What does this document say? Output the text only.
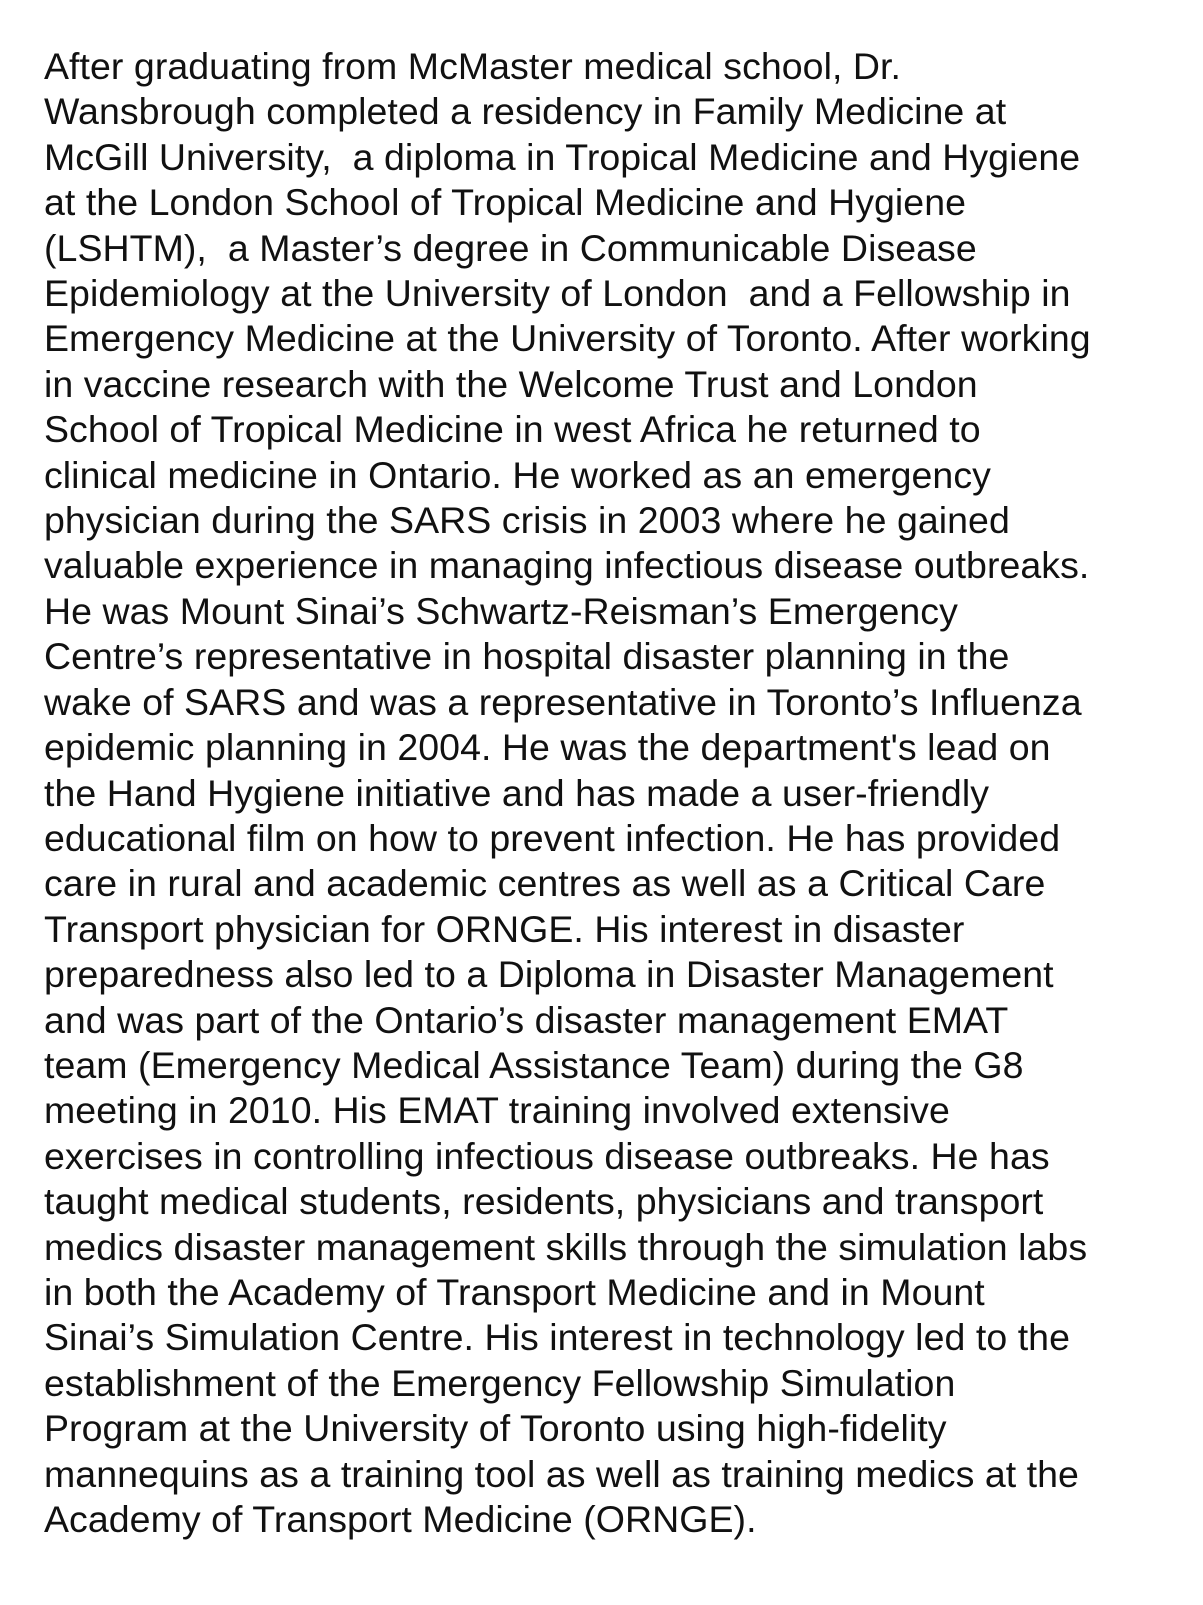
After graduating from McMaster medical school, Dr.
Wansbrough completed a residency in Family Medicine at
McGill University,  a diploma in Tropical Medicine and Hygiene
at the London School of Tropical Medicine and Hygiene
(LSHTM),  a Master’s degree in Communicable Disease
Epidemiology at the University of London  and a Fellowship in
Emergency Medicine at the University of Toronto. After working
in vaccine research with the Welcome Trust and London
School of Tropical Medicine in west Africa he returned to
clinical medicine in Ontario. He worked as an emergency
physician during the SARS crisis in 2003 where he gained
valuable experience in managing infectious disease outbreaks.
He was Mount Sinai’s Schwartz-Reisman’s Emergency
Centre’s representative in hospital disaster planning in the
wake of SARS and was a representative in Toronto’s Influenza
epidemic planning in 2004. He was the department's lead on
the Hand Hygiene initiative and has made a user-friendly
educational film on how to prevent infection. He has provided
care in rural and academic centres as well as a Critical Care
Transport physician for ORNGE. His interest in disaster
preparedness also led to a Diploma in Disaster Management
and was part of the Ontario’s disaster management EMAT
team (Emergency Medical Assistance Team) during the G8
meeting in 2010. His EMAT training involved extensive
exercises in controlling infectious disease outbreaks. He has
taught medical students, residents, physicians and transport
medics disaster management skills through the simulation labs
in both the Academy of Transport Medicine and in Mount
Sinai’s Simulation Centre. His interest in technology led to the
establishment of the Emergency Fellowship Simulation
Program at the University of Toronto using high-fidelity
mannequins as a training tool as well as training medics at the
Academy of Transport Medicine (ORNGE).
